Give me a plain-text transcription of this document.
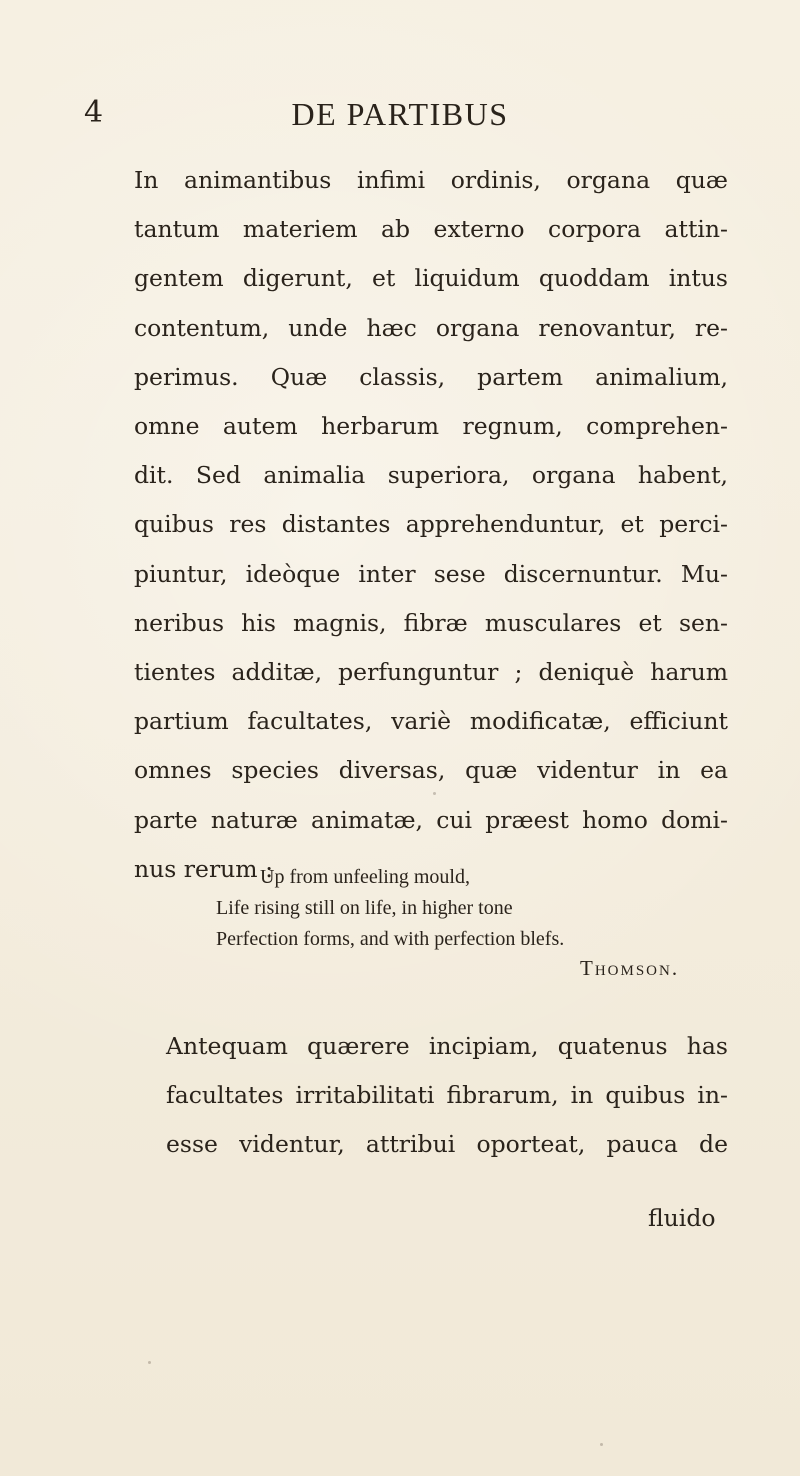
4	DE PARTIBUS
In animantibus infimi ordinis, organa quæ
tantum materiem ab externo corpora attin-
gentem digerunt, et liquidum quoddam intus
contentum, unde hæc organa renovantur, re-
perimus. Quæ classis, partem animalium,
omne autem herbarum regnum, comprehen-
dit. Sed animalia superiora, organa habent,
quibus res distantes apprehenduntur, et perci-
piuntur, ideòque inter sese discernuntur. Mu-
neribus his magnis, fibræ musculares et sen-
tientes additæ, perfunguntur ; deniquè harum
partium facultates, variè modificatæ, efficiunt
omnes species diversas, quæ videntur in ea
parte naturæ animatæ, cui præest homo domi-
nus rerum :
Up from unfeeling mould,
Life rising still on life, in higher tone
Perfection forms, and with perfection blefs.
Thomson.
Antequam quærere incipiam, quatenus has
facultates irritabilitati fibrarum, in quibus in-
esse videntur, attribui oporteat, pauca de
fluido
